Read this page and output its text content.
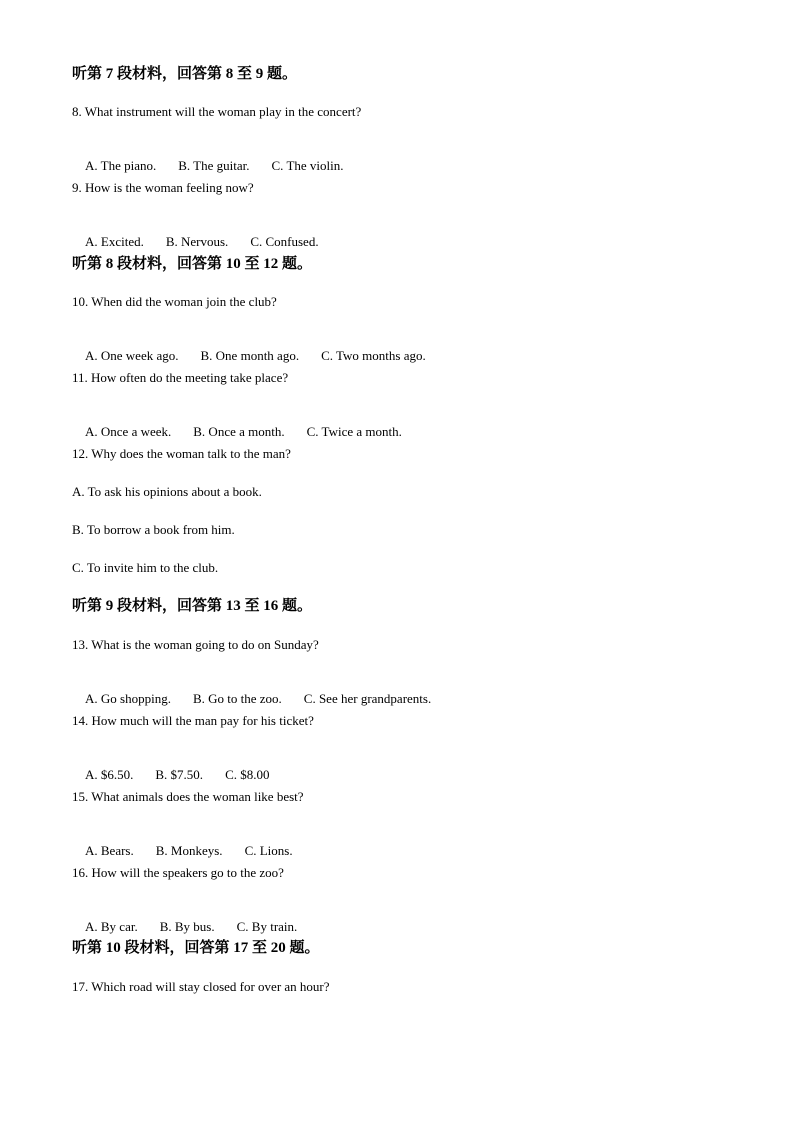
听第 7 段材料，回答第 8 至 9 题。
8. What instrument will the woman play in the concert?

A. The piano. B. The guitar. C. The violin.

9. How is the woman feeling now?

A. Excited. B. Nervous. C. Confused.

听第 8 段材料，回答第 10 至 12 题。
10. When did the woman join the club?

A. One week ago. B. One month ago. C. Two months ago.

11. How often do the meeting take place?

A. Once a week. B. Once a month. C. Twice a month.

12. Why does the woman talk to the man?
A. To ask his opinions about a book.
B. To borrow a book from him.
C. To invite him to the club.
听第 9 段材料，回答第 13 至 16 题。
13. What is the woman going to do on Sunday?

A. Go shopping. B. Go to the zoo. C. See her grandparents.

14. How much will the man pay for his ticket?

A. $6.50. B. $7.50. C. $8.00

15. What animals does the woman like best?

A. Bears. B. Monkeys. C. Lions.

16. How will the speakers go to the zoo?

A. By car. B. By bus. C. By train.

听第 10 段材料，回答第 17 至 20 题。
17. Which road will stay closed for over an hour?
